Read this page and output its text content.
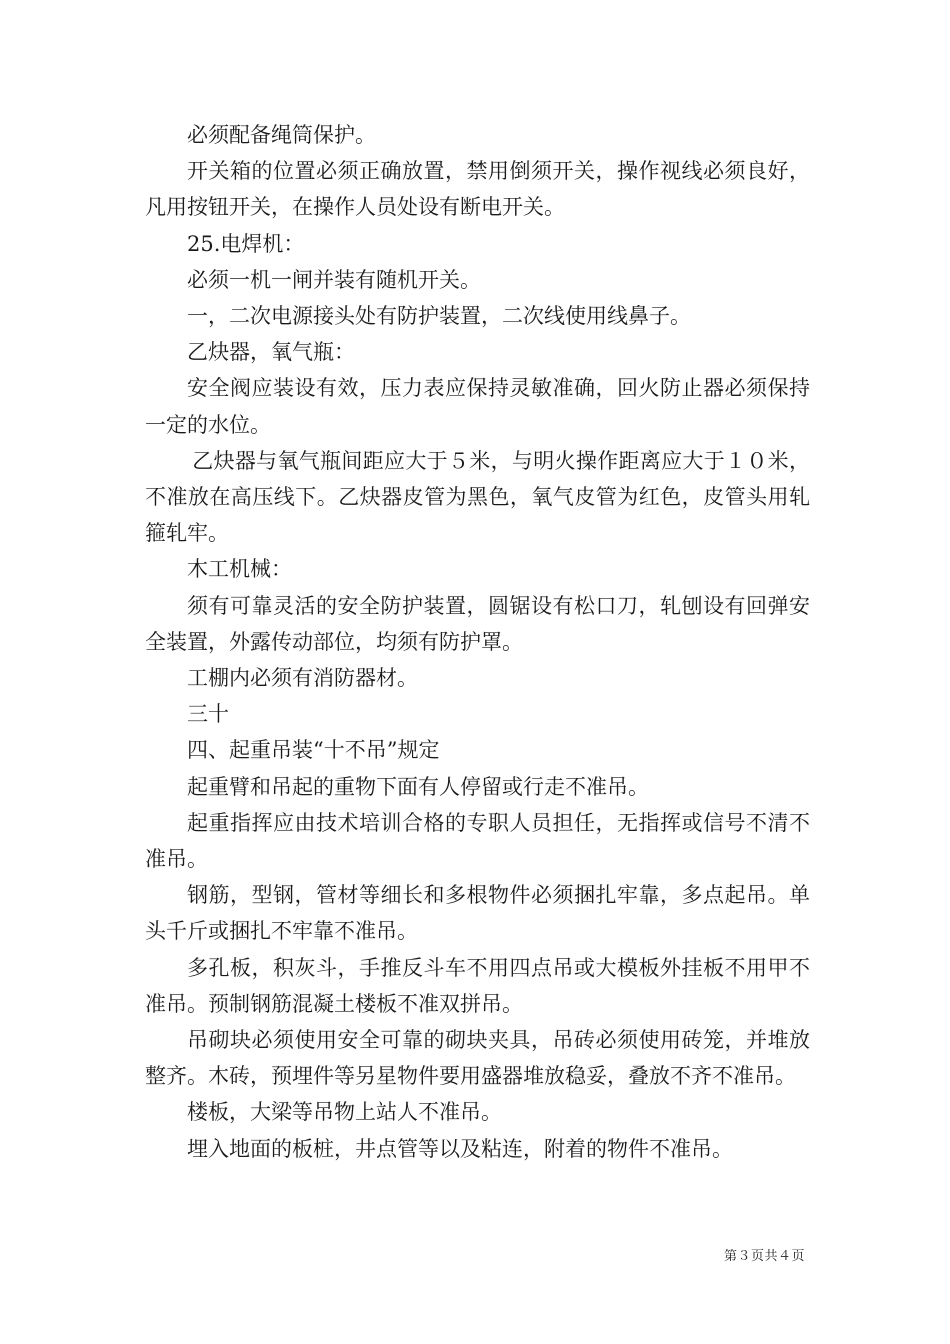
必须配备绳筒保护。

开关箱的位置必须正确放置，禁用倒须开关，操作视线必须良好，凡用按钮开关，在操作人员处设有断电开关。

25.电焊机：

必须一机一闸并装有随机开关。

一，二次电源接头处有防护装置，二次线使用线鼻子。

乙炔器，氧气瓶：

安全阀应装设有效，压力表应保持灵敏准确，回火防止器必须保持一定的水位。

乙炔器与氧气瓶间距应大于５米，与明火操作距离应大于１０米，不准放在高压线下。乙炔器皮管为黑色，氧气皮管为红色，皮管头用轧箍轧牢。

木工机械：

须有可靠灵活的安全防护装置，圆锯设有松口刀，轧刨设有回弹安全装置，外露传动部位，均须有防护罩。

工棚内必须有消防器材。

三十

四、起重吊装“十不吊”规定

起重臂和吊起的重物下面有人停留或行走不准吊。

起重指挥应由技术培训合格的专职人员担任，无指挥或信号不清不准吊。

钢筋，型钢，管材等细长和多根物件必须捆扎牢靠，多点起吊。单头千斤或捆扎不牢靠不准吊。

多孔板，积灰斗，手推反斗车不用四点吊或大模板外挂板不用甲不准吊。预制钢筋混凝土楼板不准双拼吊。

吊砌块必须使用安全可靠的砌块夹具，吊砖必须使用砖笼，并堆放整齐。木砖，预埋件等另星物件要用盛器堆放稳妥，叠放不齐不准吊。

楼板，大梁等吊物上站人不准吊。

埋入地面的板桩，井点管等以及粘连，附着的物件不准吊。

第３页共４页
